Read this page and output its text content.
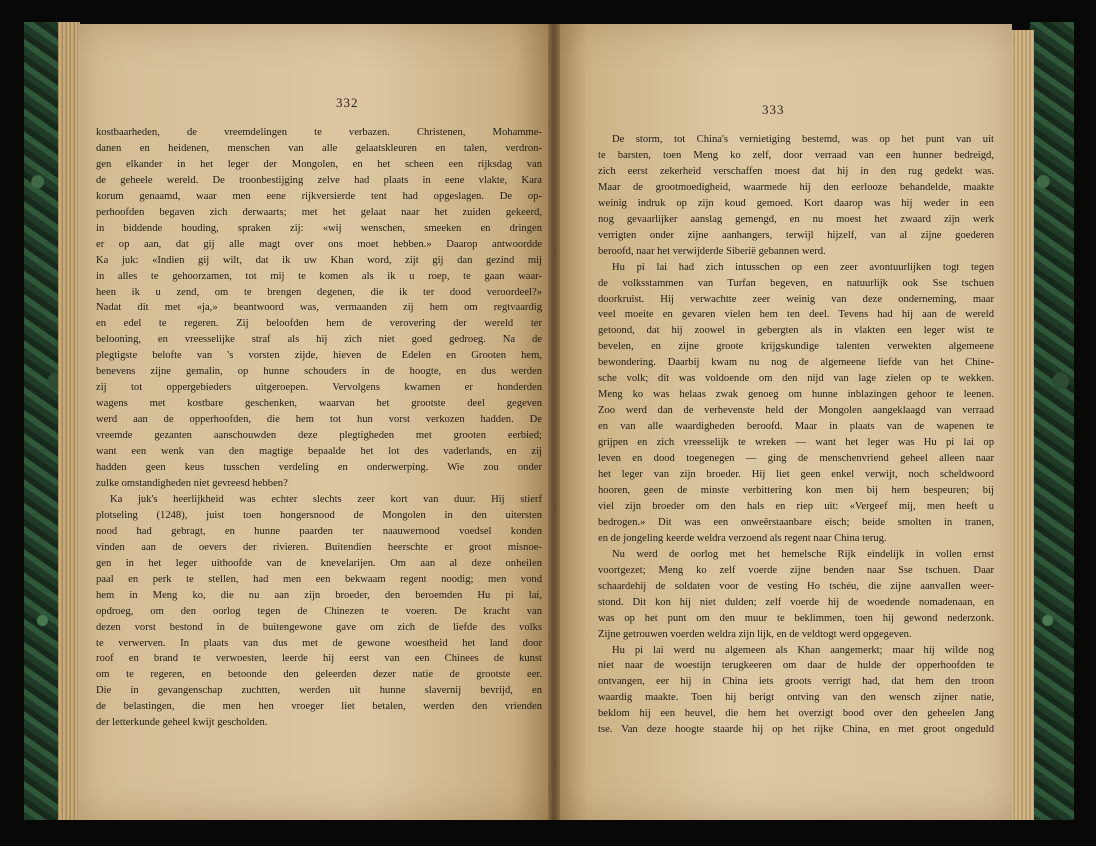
332	333
kostbaarheden, de vreemdelingen te verbazen. Christenen, Mohamme-
danen en heidenen, menschen van alle gelaatskleuren en talen, verdron-
gen elkander in het leger der Mongolen, en het scheen een rijksdag van
de geheele wereld. De troonbestijging zelve had plaats in eene vlakte, Kara
korum genaamd, waar men eene rijkversierde tent had opgeslagen. De op-
perhoofden begaven zich derwaarts; met het gelaat naar het zuiden gekeerd,
in biddende houding, spraken zij: «wij wenschen, smeeken en dringen
er op aan, dat gij alle magt over ons moet hebben.» Daarop antwoordde
Ka juk: «Indien gij wilt, dat ik uw Khan word, zijt gij dan gezind mij
in alles te gehoorzamen, tot mij te komen als ik u roep, te gaan waar-
heen ik u zend, om te brengen degenen, die ik ter dood veroordeel?»
Nadat dit met «ja,» beantwoord was, vermaanden zij hem om regtvaardig
en edel te regeren. Zij beloofden hem de verovering der wereld ter
belooning, en vreesselijke straf als hij zich niet goed gedroeg. Na de
plegtigste belofte van 's vorsten zijde, hieven de Edelen en Grooten hem,
benevens zijne gemalin, op hunne schouders in de hoogte, en dus werden
zij tot oppergebieders uitgeroepen. Vervolgens kwamen er honderden
wagens met kostbare geschenken, waarvan het grootste deel gegeven
werd aan de opperhoofden, die hem tot hun vorst verkozen hadden. De
vreemde gezanten aanschouwden deze plegtigheden met grooten eerbied;
want een wenk van den magtige bepaalde het lot des vaderlands, en zij
hadden geen keus tusschen verdeling en onderwerping. Wie zou onder
zulke omstandigheden niet gevreesd hebben?
Ka juk's heerlijkheid was echter slechts zeer kort van duur. Hij stierf
plotseling (1248), juist toen hongersnood de Mongolen in den uitersten
nood had gebragt, en hunne paarden ter naauwernood voedsel konden
vinden aan de oevers der rivieren. Buitendien heerschte er groot misnoe-
gen in het leger uithoofde van de knevelarijen. Om aan al deze onheilen
paal en perk te stellen, had men een bekwaam regent noodig; men vond
hem in Meng ko, die nu aan zijn broeder, den beroemden Hu pi lai,
opdroeg, om den oorlog tegen de Chinezen te voeren. De kracht van
dezen vorst bestond in de buitengewone gave om zich de liefde des volks
te verwerven. In plaats van dus met de gewone woestheid het land door
roof en brand te verwoesten, leerde hij eerst van een Chinees de kunst
om te regeren, en betoonde den geleerden dezer natie de grootste eer.
Die in gevangenschap zuchtten, werden uit hunne slavernij bevrijd, en
de belastingen, die men hen vroeger liet betalen, werden den vrienden
der letterkunde geheel kwijt gescholden.
De storm, tot China's vernietiging bestemd, was op het punt van uit
te barsten, toen Meng ko zelf, door verraad van een hunner bedreigd,
zich eerst zekerheid verschaffen moest dat hij in den rug gedekt was.
Maar de grootmoedigheid, waarmede hij den eerlooze behandelde, maakte
weinig indruk op zijn koud gemoed. Kort daarop was hij weder in een
nog gevaarlijker aanslag gemengd, en nu moest het zwaard zijn werk
verrigten onder zijne aanhangers, terwijl hijzelf, van al zijne goederen
beroofd, naar het verwijderde Siberië gebannen werd.
Hu pi lai had zich intusschen op een zeer avontuurlijken togt tegen
de volksstammen van Turfan begeven, en natuurlijk ook Sse tschuen
doorkruist. Hij verwachtte zeer weinig van deze onderneming, maar
veel moeite en gevaren vielen hem ten deel. Tevens had hij aan de wereld
getoond, dat hij zoowel in gebergten als in vlakten een leger wist te
bevelen, en zijne groote krijgskundige talenten verwekten algemeene
bewondering. Daarbij kwam nu nog de algemeene liefde van het Chine-
sche volk; dit was voldoende om den nijd van lage zielen op te wekken.
Meng ko was helaas zwak genoeg om hunne inblazingen gehoor te leenen.
Zoo werd dan de verhevenste held der Mongolen aangeklaagd van verraad
en van alle waardigheden beroofd. Maar in plaats van de wapenen te
grijpen en zich vreesselijk te wreken — want het leger was Hu pi lai op
leven en dood toegenegen — ging de menschenvriend geheel alleen naar
het leger van zijn broeder. Hij liet geen enkel verwijt, noch scheldwoord
hooren, geen de minste verbittering kon men bij hem bespeuren; bij
viel zijn broeder om den hals en riep uit: «Vergeef mij, men heeft u
bedrogen.» Dit was een onweêrstaanbare eisch; beide smolten in tranen,
en de jongeling keerde weldra verzoend als regent naar China terug.
Nu werd de oorlog met het hemelsche Rijk eindelijk in vollen ernst
voortgezet; Meng ko zelf voerde zijne benden naar Sse tschuen. Daar
schaardehij de soldaten voor de vesting Ho tschéu, die zijne aanvallen weer-
stond. Dit kon hij niet dulden; zelf voerde hij de woedende nomadenaan, en
was op het punt om den muur te beklimmen, toen hij gewond nederzonk.
Zijne getrouwen voerden weldra zijn lijk, en de veldtogt werd opgegeven.
Hu pi lai werd nu algemeen als Khan aangemerkt; maar hij wilde nog
niet naar de woestijn terugkeeren om daar de hulde der opperhoofden te
ontvangen, eer hij in China iets groots verrigt had, dat hem den troon
waardig maakte. Toen hij berigt ontving van den wensch zijner natie,
beklom hij een heuvel, die hem het overzigt bood over den geheelen Jang
tse. Van deze hoogte staarde hij op het rijke China, en met groot ongeduld
